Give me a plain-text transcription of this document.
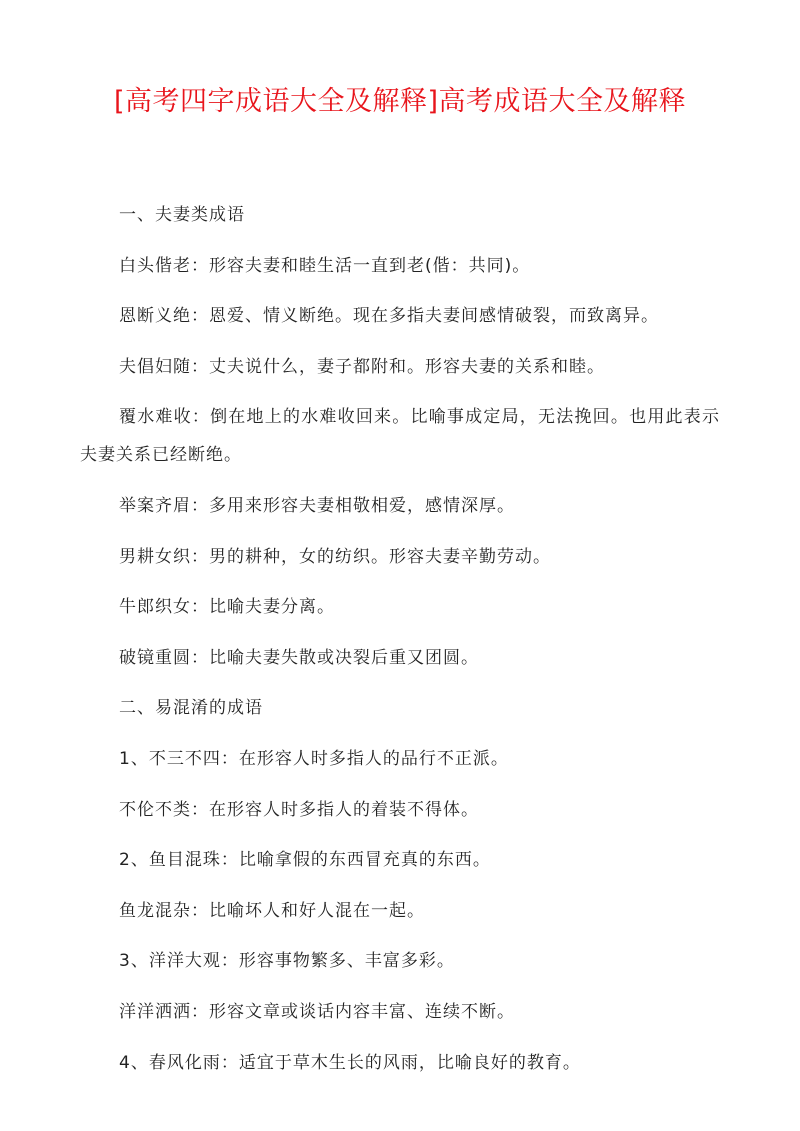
[高考四字成语大全及解释]高考成语大全及解释

一、夫妻类成语

白头偕老：形容夫妻和睦生活一直到老(偕：共同)。

恩断义绝：恩爱、情义断绝。现在多指夫妻间感情破裂，而致离异。

夫倡妇随：丈夫说什么，妻子都附和。形容夫妻的关系和睦。

覆水难收：倒在地上的水难收回来。比喻事成定局，无法挽回。也用此表示夫妻关系已经断绝。

举案齐眉：多用来形容夫妻相敬相爱，感情深厚。

男耕女织：男的耕种，女的纺织。形容夫妻辛勤劳动。

牛郎织女：比喻夫妻分离。

破镜重圆：比喻夫妻失散或决裂后重又团圆。

二、易混淆的成语

1、不三不四：在形容人时多指人的品行不正派。

不伦不类：在形容人时多指人的着装不得体。

2、鱼目混珠：比喻拿假的东西冒充真的东西。

鱼龙混杂：比喻坏人和好人混在一起。

3、洋洋大观：形容事物繁多、丰富多彩。

洋洋洒洒：形容文章或谈话内容丰富、连续不断。

4、春风化雨：适宜于草木生长的风雨，比喻良好的教育。
